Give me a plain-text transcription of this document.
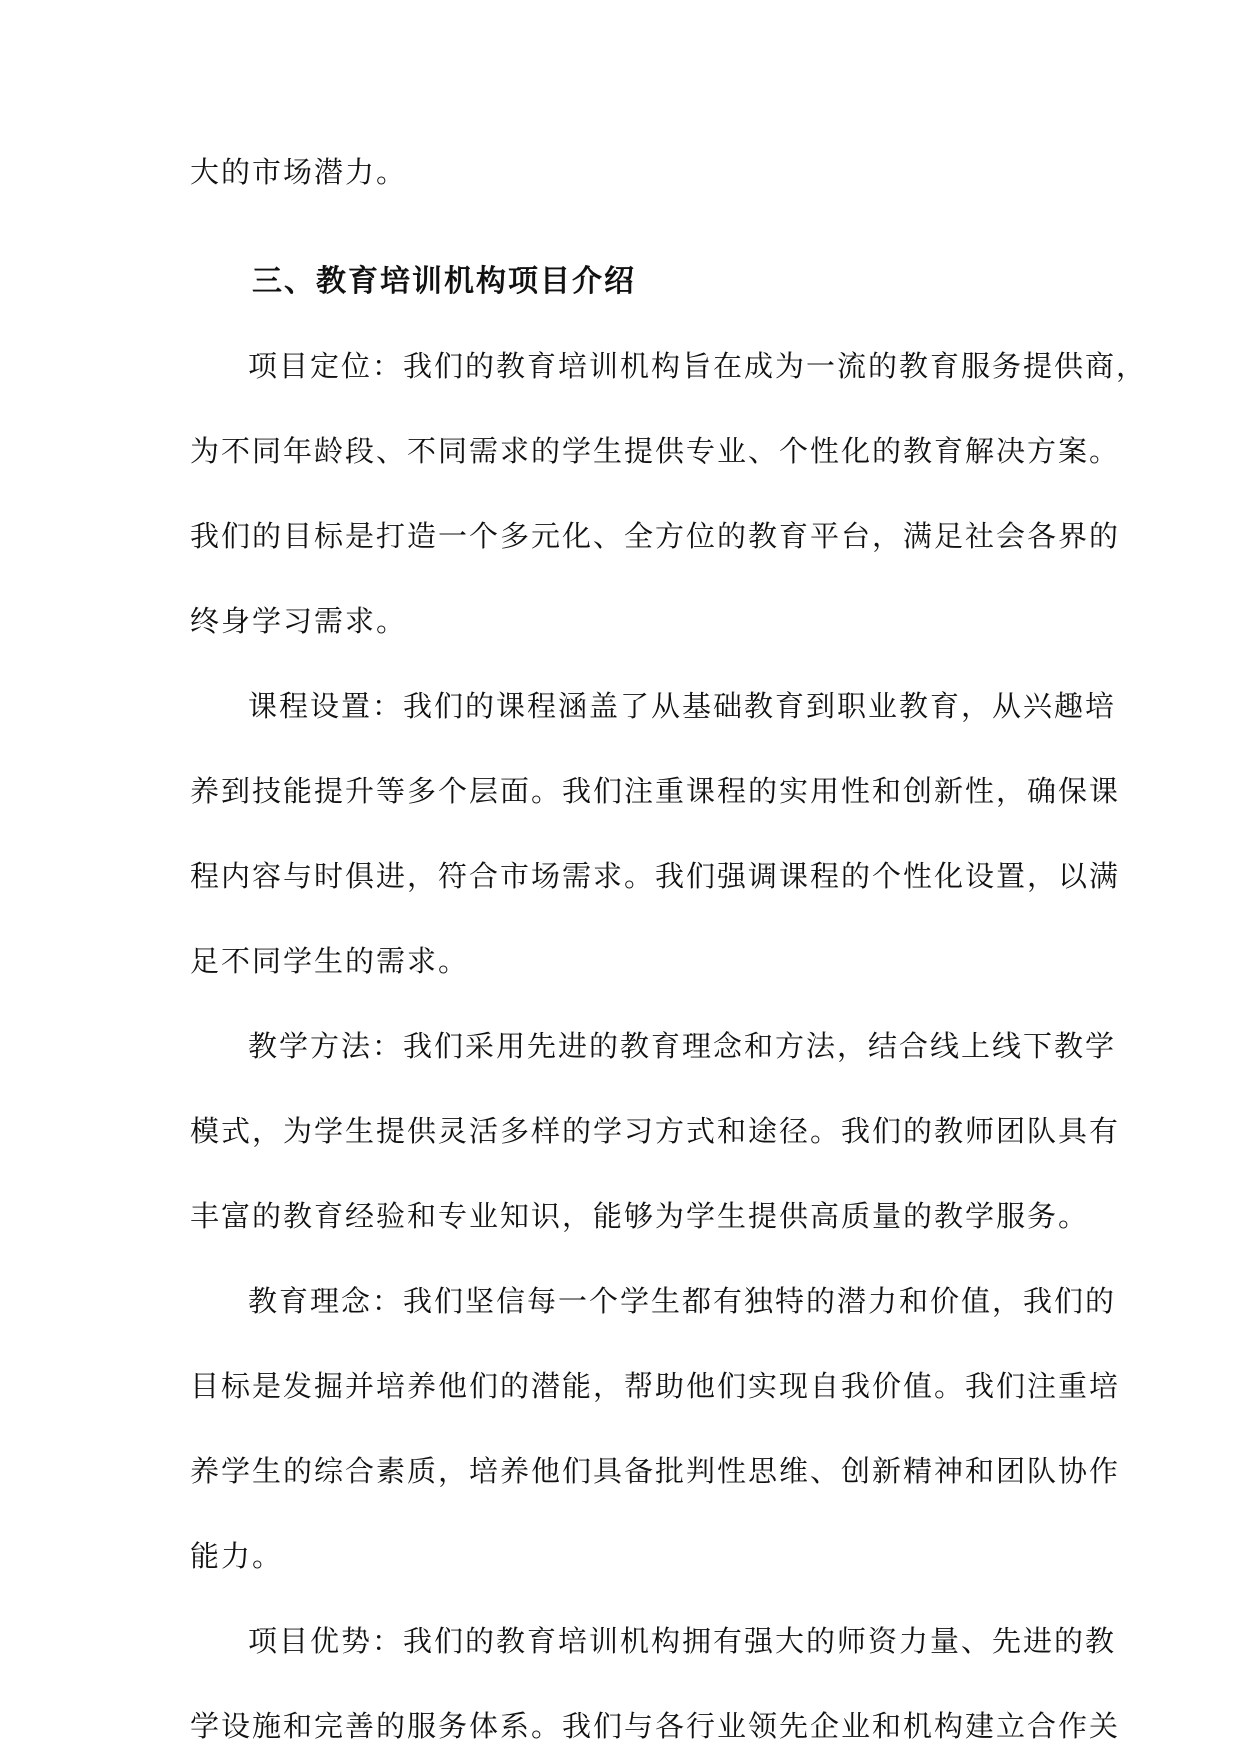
大的市场潜力。
三、教育培训机构项目介绍
项目定位：我们的教育培训机构旨在成为一流的教育服务提供商，
为不同年龄段、不同需求的学生提供专业、个性化的教育解决方案。
我们的目标是打造一个多元化、全方位的教育平台，满足社会各界的
终身学习需求。
课程设置：我们的课程涵盖了从基础教育到职业教育，从兴趣培
养到技能提升等多个层面。我们注重课程的实用性和创新性，确保课
程内容与时俱进，符合市场需求。我们强调课程的个性化设置，以满
足不同学生的需求。
教学方法：我们采用先进的教育理念和方法，结合线上线下教学
模式，为学生提供灵活多样的学习方式和途径。我们的教师团队具有
丰富的教育经验和专业知识，能够为学生提供高质量的教学服务。
教育理念：我们坚信每一个学生都有独特的潜力和价值，我们的
目标是发掘并培养他们的潜能，帮助他们实现自我价值。我们注重培
养学生的综合素质，培养他们具备批判性思维、创新精神和团队协作
能力。
项目优势：我们的教育培训机构拥有强大的师资力量、先进的教
学设施和完善的服务体系。我们与各行业领先企业和机构建立合作关
